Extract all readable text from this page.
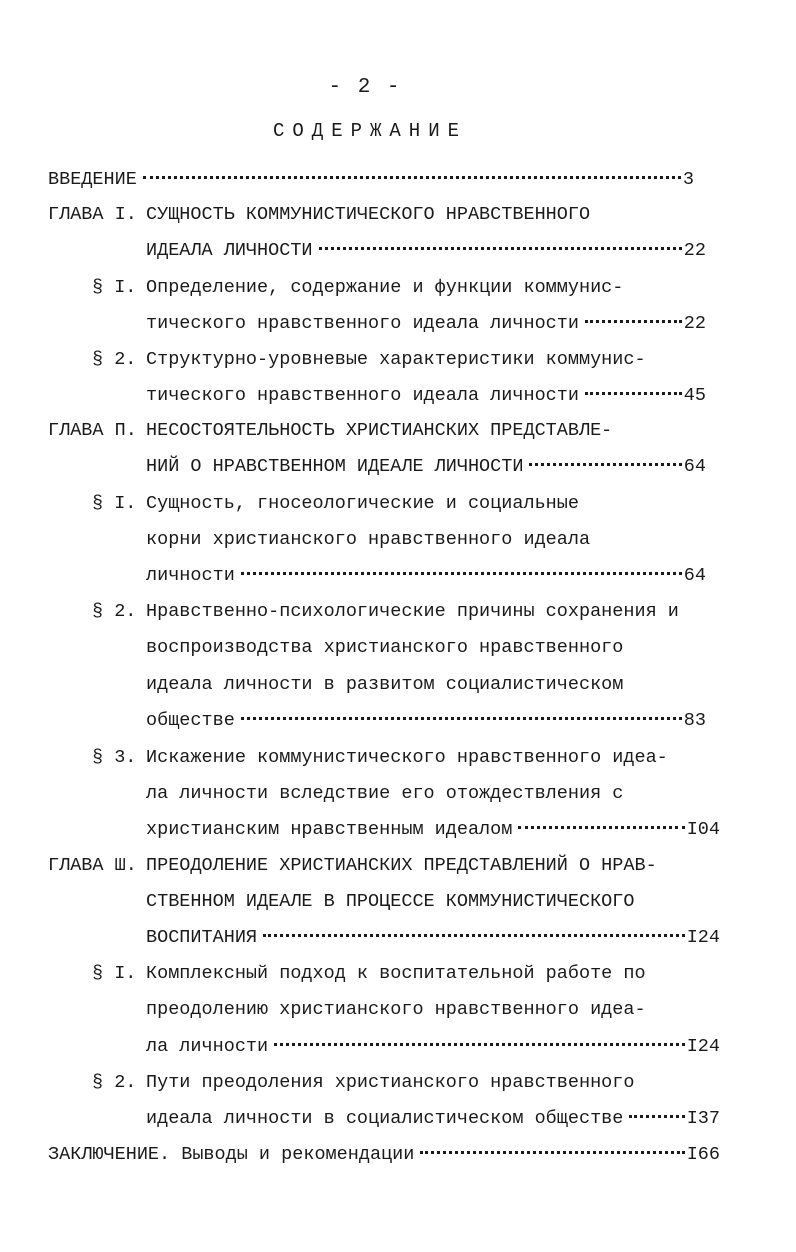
- 2 -
СОДЕРЖАНИЕ
ВВЕДЕНИЕ	3
ГЛАВА I. СУЩНОСТЬ КОММУНИСТИЧЕСКОГО НРАВСТВЕННОГО
ИДЕАЛА ЛИЧНОСТИ	22
§ I. Определение, содержание и функции коммунис-
тического нравственного идеала личности	22
§ 2. Структурно-уровневые характеристики коммунис-
тического нравственного идеала личности	45
ГЛАВА П. НЕСОСТОЯТЕЛЬНОСТЬ ХРИСТИАНСКИХ ПРЕДСТАВЛЕ-
НИЙ О НРАВСТВЕННОМ ИДЕАЛЕ ЛИЧНОСТИ	64
§ I. Сущность, гносеологические и социальные
корни христианского нравственного идеала
личности	64
§ 2. Нравственно-психологические причины сохранения и
воспроизводства христианского нравственного
идеала личности в развитом социалистическом
обществе	83
§ 3. Искажение коммунистического нравственного идеа-
ла личности вследствие его отождествления с
христианским нравственным идеалом	I04
ГЛАВА Ш. ПРЕОДОЛЕНИЕ ХРИСТИАНСКИХ ПРЕДСТАВЛЕНИЙ О НРАВ-
СТВЕННОМ ИДЕАЛЕ В ПРОЦЕССЕ КОММУНИСТИЧЕСКОГО
ВОСПИТАНИЯ	I24
§ I. Комплексный подход к воспитательной работе по
преодолению христианского нравственного идеа-
ла личности	I24
§ 2. Пути преодоления христианского нравственного
идеала личности в социалистическом обществе	I37
ЗАКЛЮЧЕНИЕ. Выводы и рекомендации	I66
